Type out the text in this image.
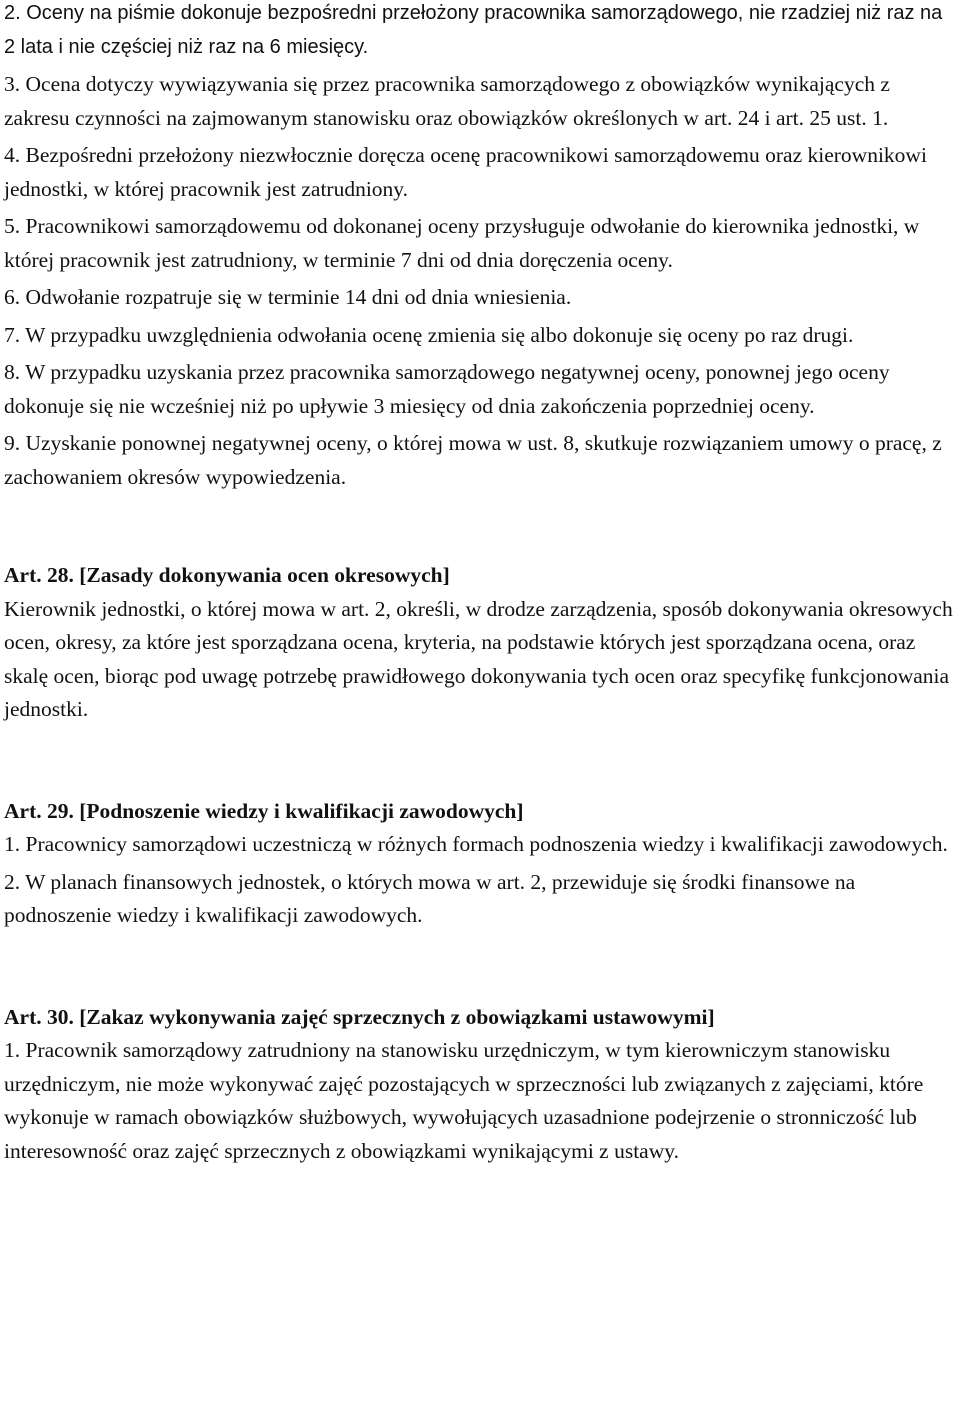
2. Oceny na piśmie dokonuje bezpośredni przełożony pracownika samorządowego, nie rzadziej niż raz na 2 lata i nie częściej niż raz na 6 miesięcy.

3. Ocena dotyczy wywiązywania się przez pracownika samorządowego z obowiązków wynikających z zakresu czynności na zajmowanym stanowisku oraz obowiązków określonych w art. 24 i art. 25 ust. 1.

4. Bezpośredni przełożony niezwłocznie doręcza ocenę pracownikowi samorządowemu oraz kierownikowi jednostki, w której pracownik jest zatrudniony.

5. Pracownikowi samorządowemu od dokonanej oceny przysługuje odwołanie do kierownika jednostki, w której pracownik jest zatrudniony, w terminie 7 dni od dnia doręczenia oceny.

6. Odwołanie rozpatruje się w terminie 14 dni od dnia wniesienia.

7. W przypadku uwzględnienia odwołania ocenę zmienia się albo dokonuje się oceny po raz drugi.

8. W przypadku uzyskania przez pracownika samorządowego negatywnej oceny, ponownej jego oceny dokonuje się nie wcześniej niż po upływie 3 miesięcy od dnia zakończenia poprzedniej oceny.

9. Uzyskanie ponownej negatywnej oceny, o której mowa w ust. 8, skutkuje rozwiązaniem umowy o pracę, z zachowaniem okresów wypowiedzenia.

Art. 28. [Zasady dokonywania ocen okresowych]

Kierownik jednostki, o której mowa w art. 2, określi, w drodze zarządzenia, sposób dokonywania okresowych ocen, okresy, za które jest sporządzana ocena, kryteria, na podstawie których jest sporządzana ocena, oraz skalę ocen, biorąc pod uwagę potrzebę prawidłowego dokonywania tych ocen oraz specyfikę funkcjonowania jednostki.

Art. 29. [Podnoszenie wiedzy i kwalifikacji zawodowych]

1. Pracownicy samorządowi uczestniczą w różnych formach podnoszenia wiedzy i kwalifikacji zawodowych.

2. W planach finansowych jednostek, o których mowa w art. 2, przewiduje się środki finansowe na podnoszenie wiedzy i kwalifikacji zawodowych.

Art. 30. [Zakaz wykonywania zajęć sprzecznych z obowiązkami ustawowymi]

1. Pracownik samorządowy zatrudniony na stanowisku urzędniczym, w tym kierowniczym stanowisku urzędniczym, nie może wykonywać zajęć pozostających w sprzeczności lub związanych z zajęciami, które wykonuje w ramach obowiązków służbowych, wywołujących uzasadnione podejrzenie o stronniczość lub interesowność oraz zajęć sprzecznych z obowiązkami wynikającymi z ustawy.
